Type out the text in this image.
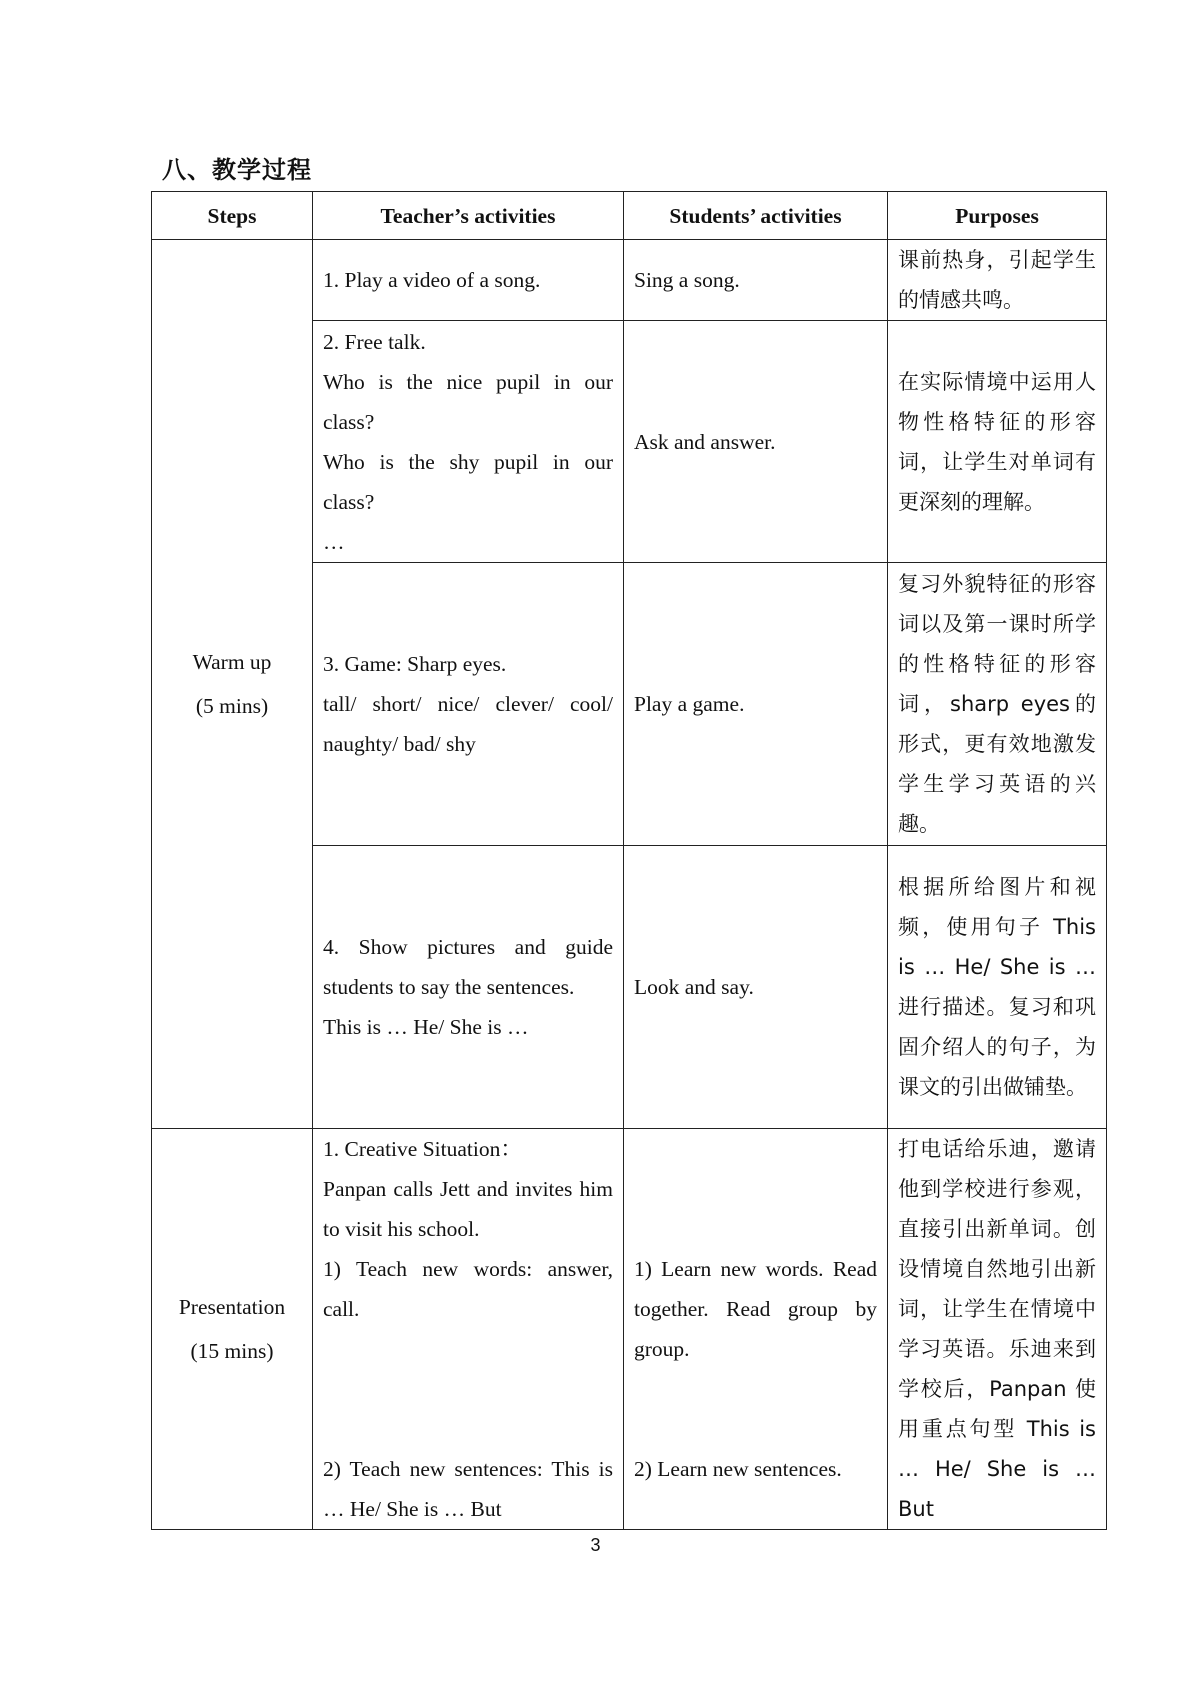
八、教学过程
Steps	Teacher’s activities	Students’ activities	Purposes

Warm up
(5 mins)	1. Play a video of a song.	Sing a song.	课前热身，引起学生的情感共鸣。

	2. Free talk.
Who is the nice pupil in our class?
Who is the shy pupil in our class?
…	Ask and answer.	在实际情境中运用人物性格特征的形容词，让学生对单词有更深刻的理解。

	3. Game: Sharp eyes.
tall/ short/ nice/ clever/ cool/ naughty/ bad/ shy	Play a game.	复习外貌特征的形容词以及第一课时所学的性格特征的形容词，sharp eyes的形式，更有效地激发学生学习英语的兴趣。

	4. Show pictures and guide students to say the sentences.
This is … He/ She is …	Look and say.	根据所给图片和视频，使用句子 This is … He/ She is … 进行描述。复习和巩固介绍人的句子，为课文的引出做铺垫。

Presentation
(15 mins)	1. Creative Situation：
Panpan calls Jett and invites him to visit his school.
1) Teach new words: answer, call.
2) Teach new sentences: This is … He/ She is … But	1) Learn new words. Read together. Read group by group.
2) Learn new sentences.	打电话给乐迪，邀请他到学校进行参观，直接引出新单词。创设情境自然地引出新词，让学生在情境中学习英语。乐迪来到学校后，Panpan 使用重点句型 This is … He/ She is … But
3
